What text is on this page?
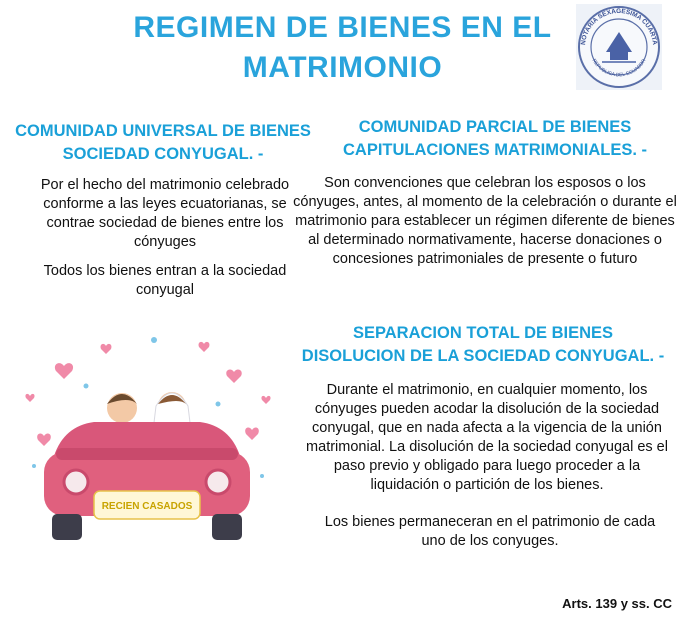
REGIMEN DE BIENES EN EL
MATRIMONIO
NOTARIA SEXAGESIMA CUARTA
REPUBLICA DEL ECUADOR
COMUNIDAD UNIVERSAL DE BIENES
SOCIEDAD CONYUGAL. -
Por el hecho del matrimonio celebrado conforme a las leyes ecuatorianas, se contrae sociedad de bienes entre los cónyuges
Todos los bienes entran a la sociedad conyugal
COMUNIDAD PARCIAL DE BIENES
CAPITULACIONES MATRIMONIALES. -
Son convenciones que celebran los esposos o los cónyuges, antes, al momento de la celebración o durante el matrimonio para establecer un régimen diferente de bienes al determinado normativamente, hacerse donaciones o concesiones patrimoniales de presente o futuro
RECIEN CASADOS
SEPARACION TOTAL DE BIENES
DISOLUCION DE LA SOCIEDAD CONYUGAL. -
Durante el matrimonio, en cualquier momento, los cónyuges pueden acodar la disolución de la sociedad conyugal, que en nada afecta a la vigencia de la unión matrimonial. La disolución de la sociedad conyugal es el paso previo y obligado para luego proceder a la liquidación o partición de los bienes.
Los bienes permaneceran en el patrimonio de cada uno de los conyuges.
Arts. 139 y ss. CC
